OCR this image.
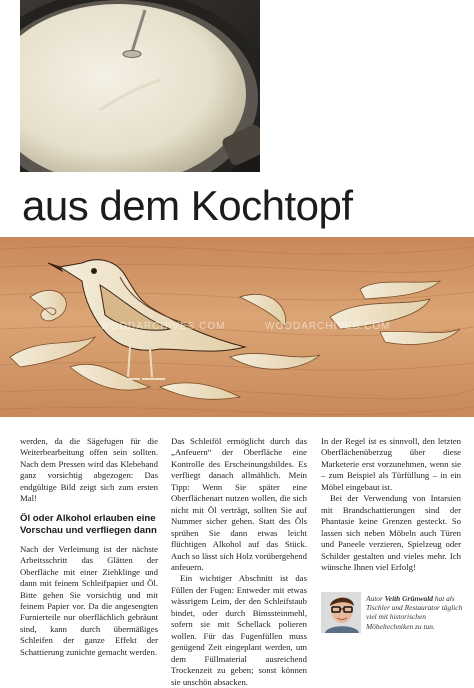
aus dem Kochtopf
WOODARCHIVES.COM	WOODARCHIVES.COM

werden, da die Sägefugen für die Weiterbearbeitung offen sein sollten. Nach dem Pressen wird das Klebeband ganz vorsichtig abgezogen: Das endgültige Bild zeigt sich zum ersten Mal!

Öl oder Alkohol erlauben eine Vorschau und verfliegen dann

Nach der Verleimung ist der nächste Arbeitsschritt das Glätten der Oberfläche mit einer Ziehklinge und dann mit feinem Schleifpapier und Öl. Bitte gehen Sie vorsichtig und mit feinem Papier vor. Da die angesengten Furnierteile nur oberflächlich gebräunt sind, kann durch übermäßiges Schleifen der ganze Effekt der Schattierung zunichte gemacht werden.

Das Schleiföl ermöglicht durch das „Anfeuern“ der Oberfläche eine Kontrolle des Erscheinungsbildes. Es verfliegt danach allmählich. Mein Tipp: Wenn Sie später eine Oberflächenart nutzen wollen, die sich nicht mit Öl verträgt, sollten Sie auf Nummer sicher gehen. Statt des Öls sprühen Sie dann etwas leicht flüchtigen Alkohol auf das Stück. Auch so lässt sich Holz vorübergehend anfeuern.

Ein wichtiger Abschnitt ist das Füllen der Fugen: Entweder mit etwas wässrigem Leim, der den Schleifstaub bindet, oder durch Bimssteinmehl, sofern sie mit Schellack polieren wollen. Für das Fugenfüllen muss genügend Zeit eingeplant werden, um dem Füllmaterial ausreichend Trockenzeit zu geben; sonst können sie unschön absacken.

In der Regel ist es sinnvoll, den letzten Oberflächenüberzug über diese Marketerie erst vorzunehmen, wenn sie – zum Beispiel als Türfüllung – in ein Möbel eingebaut ist.

Bei der Verwendung von Intarsien mit Brandschattierungen sind der Phantasie keine Grenzen gesteckt. So lassen sich neben Möbeln auch Türen und Paneele verzieren, Spielzeug oder Schilder gestalten und vieles mehr. Ich wünsche Ihnen viel Erfolg!

Autor Veith Grünwald hat als Tischler und Restaurator täglich viel mit historischen Möbeltechniken zu tun.
